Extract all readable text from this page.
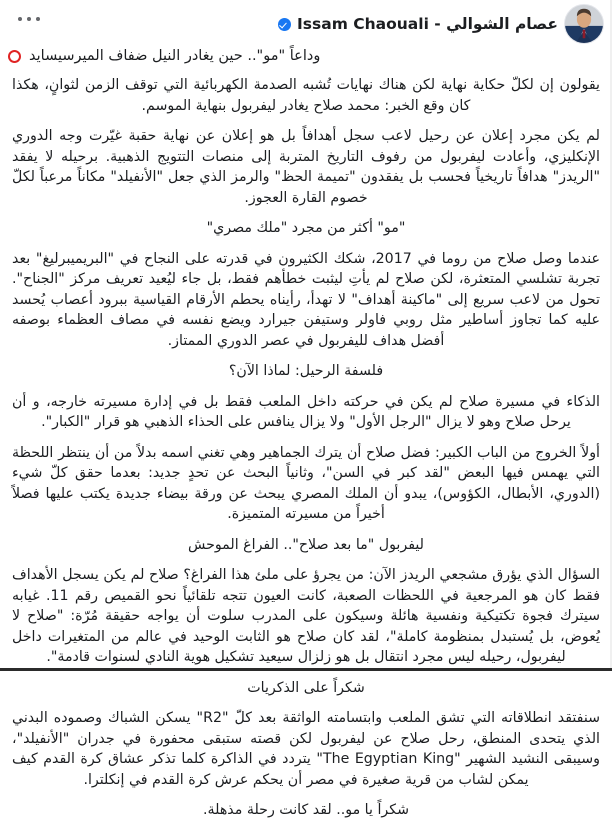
عصام الشوالي - Issam Chaouali
وداعاً "مو".. حين يغادر النيل ضفاف الميرسيسايد

يقولون إن لكلّ حكاية نهاية لكن هناك نهايات تُشبه الصدمة الكهربائية التي توقف الزمن لثوانٍ، هكذا كان وقع الخبر: محمد صلاح يغادر ليفربول بنهاية الموسم.

لم يكن مجرد إعلان عن رحيل لاعب سجل أهدافاً بل هو إعلان عن نهاية حقبة غيّرت وجه الدوري الإنكليزي، وأعادت ليفربول من رفوف التاريخ المتربة إلى منصات التتويج الذهبية. برحيله لا يفقد "الريدز" هدافاً تاريخياً فحسب بل يفقدون "تميمة الحظ" والرمز الذي جعل "الأنفيلد" مكاناً مرعباً لكلّ خصوم القارة العجوز.

"مو" أكثر من مجرد "ملك مصري"

عندما وصل صلاح من روما في 2017، شكك الكثيرون في قدرته على النجاح في "البريميبرليغ" بعد تجربة تشلسي المتعثرة، لكن صلاح لم يأتِ ليثبت خطأهم فقط، بل جاء ليُعيد تعريف مركز "الجناح". تحول من لاعب سريع إلى "ماكينة أهداف" لا تهدأ، رأيناه يحطم الأرقام القياسية ببرود أعصاب يُحسد عليه كما تجاوز أساطير مثل روبي فاولر وستيفن جيرارد ويضع نفسه في مصاف العظماء بوصفه أفضل هداف لليفربول في عصر الدوري الممتاز.

فلسفة الرحيل: لماذا الآن؟

الذكاء في مسيرة صلاح لم يكن في حركته داخل الملعب فقط بل في إدارة مسيرته خارجه، و أن يرحل صلاح وهو لا يزال "الرجل الأول" ولا يزال ينافس على الحذاء الذهبي هو قرار "الكبار".

أولاً الخروج من الباب الكبير: فضل صلاح أن يترك الجماهير وهي تغني اسمه بدلاً من أن ينتظر اللحظة التي يهمس فيها البعض "لقد كبر في السن"، وثانياً البحث عن تحدٍ جديد: بعدما حقق كلّ شيء (الدوري، الأبطال، الكؤوس)، يبدو أن الملك المصري يبحث عن ورقة بيضاء جديدة يكتب عليها فصلاً أخيراً من مسيرته المتميزة.

ليفربول "ما بعد صلاح".. الفراغ الموحش

السؤال الذي يؤرق مشجعي الريدز الآن: من يجرؤ على ملئ هذا الفراغ؟ صلاح لم يكن يسجل الأهداف فقط كان هو المرجعية في اللحظات الصعبة، كانت العيون تتجه تلقائياً نحو القميص رقم 11. غيابه سيترك فجوة تكتيكية ونفسية هائلة وسيكون على المدرب سلوت أن يواجه حقيقة مُرّة: "صلاح لا يُعوض، بل يُستبدل بمنظومة كاملة"، لقد كان صلاح هو الثابت الوحيد في عالم من المتغيرات داخل ليفربول، رحيله ليس مجرد انتقال بل هو زلزال سيعيد تشكيل هوية النادي لسنوات قادمة".

شكراً على الذكريات

سنفتقد انطلاقاته التي تشق الملعب وابتسامته الواثقة بعد كلّ "R2" يسكن الشباك وصموده البدني الذي يتحدى المنطق، رحل صلاح عن ليفربول لكن قصته ستبقى محفورة في جدران "الأنفيلد"، وسيبقى النشيد الشهير "The Egyptian King" يتردد في الذاكرة كلما تذكر عشاق كرة القدم كيف يمكن لشاب من قرية صغيرة في مصر أن يحكم عرش كرة القدم في إنكلترا.

شكراً يا مو.. لقد كانت رحلة مذهلة.
